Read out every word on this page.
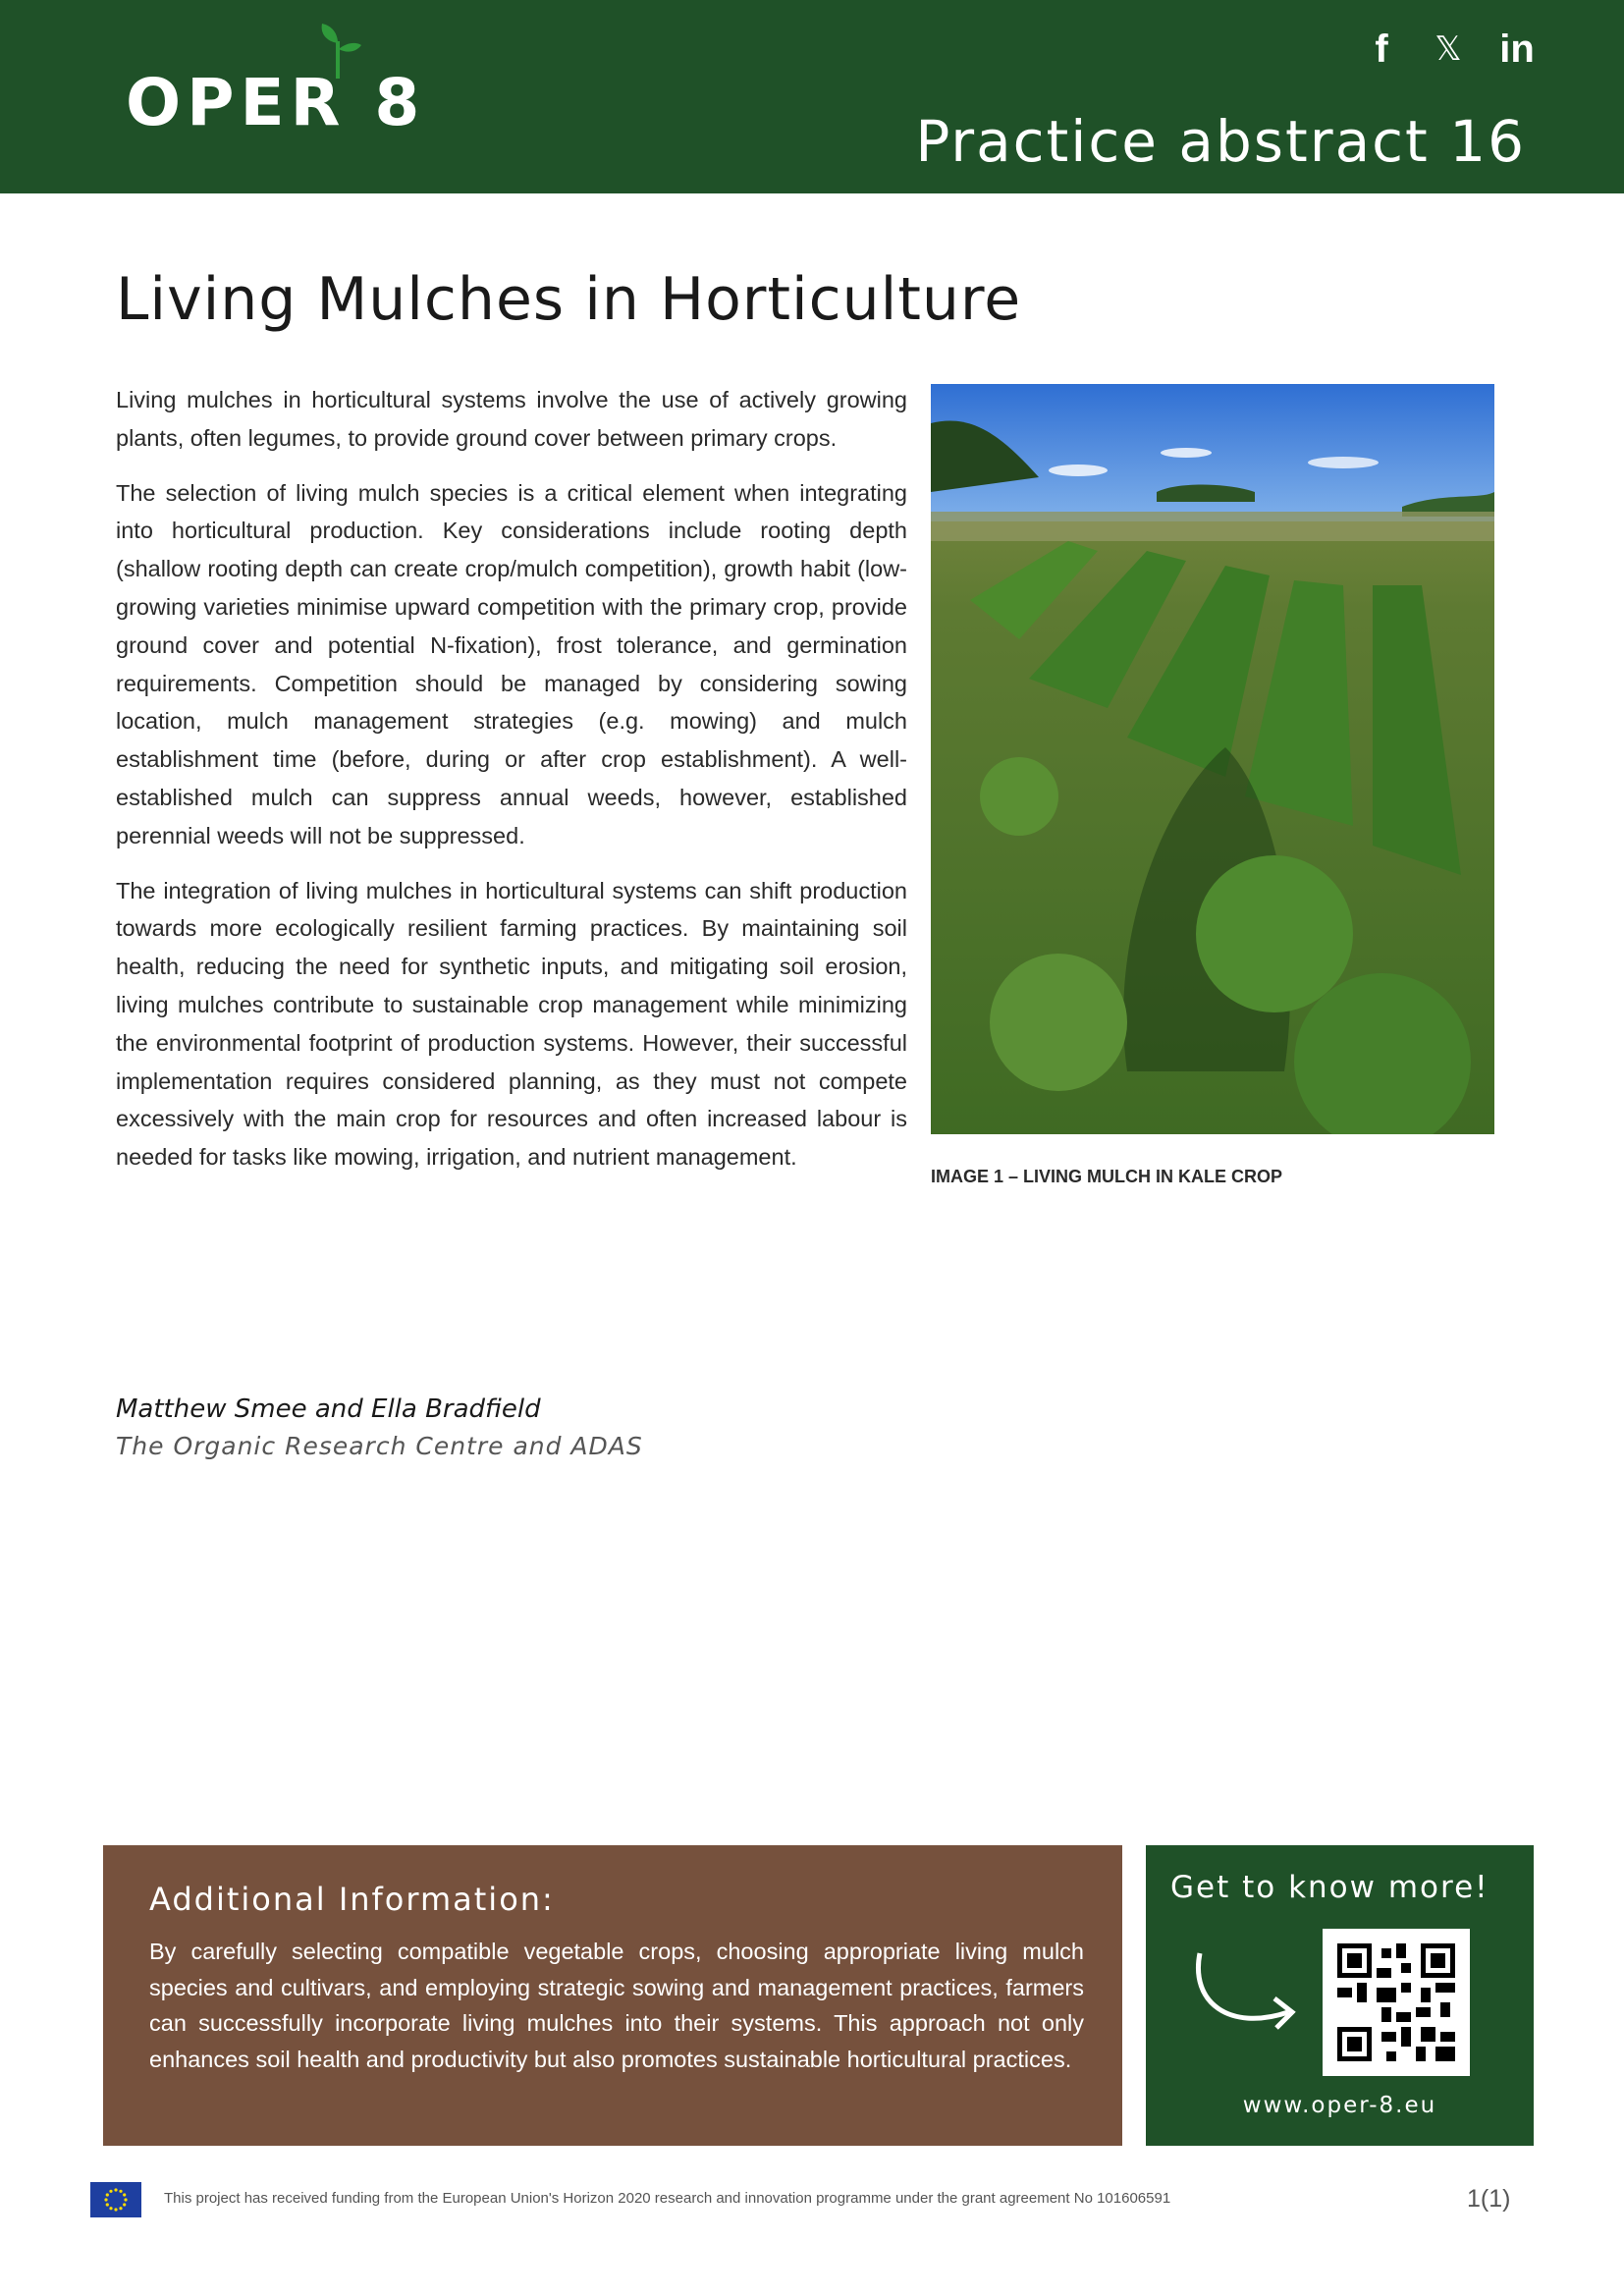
OPER 8
f	𝕏 in
Practice abstract 16
Living Mulches in Horticulture

Living mulches in horticultural systems involve the use of actively growing plants, often legumes, to provide ground cover between primary crops.

The selection of living mulch species is a critical element when integrating into horticultural production. Key considerations include rooting depth (shallow rooting depth can create crop/mulch competition), growth habit (low-growing varieties minimise upward competition with the primary crop, provide ground cover and potential N-fixation), frost tolerance, and germination requirements. Competition should be managed by considering sowing location, mulch management strategies (e.g. mowing) and mulch establishment time (before, during or after crop establishment). A well-established mulch can suppress annual weeds, however, established perennial weeds will not be suppressed.

The integration of living mulches in horticultural systems can shift production towards more ecologically resilient farming practices. By maintaining soil health, reducing the need for synthetic inputs, and mitigating soil erosion, living mulches contribute to sustainable crop management while minimizing the environmental footprint of production systems. However, their successful implementation requires considered planning, as they must not compete excessively with the main crop for resources and often increased labour is needed for tasks like mowing, irrigation, and nutrient management.

IMAGE 1 – LIVING MULCH IN KALE CROP
Matthew Smee and Ella Bradfield
The Organic Research Centre and ADAS
Additional Information:
By carefully selecting compatible vegetable crops, choosing appropriate living mulch species and cultivars, and employing strategic sowing and management practices, farmers can successfully incorporate living mulches into their systems. This approach not only enhances soil health and productivity but also promotes sustainable horticultural practices.
Get to know more!
www.oper-8.eu
This project has received funding from the European Union's Horizon 2020 research and innovation programme under the grant agreement No 101606591	1(1)
